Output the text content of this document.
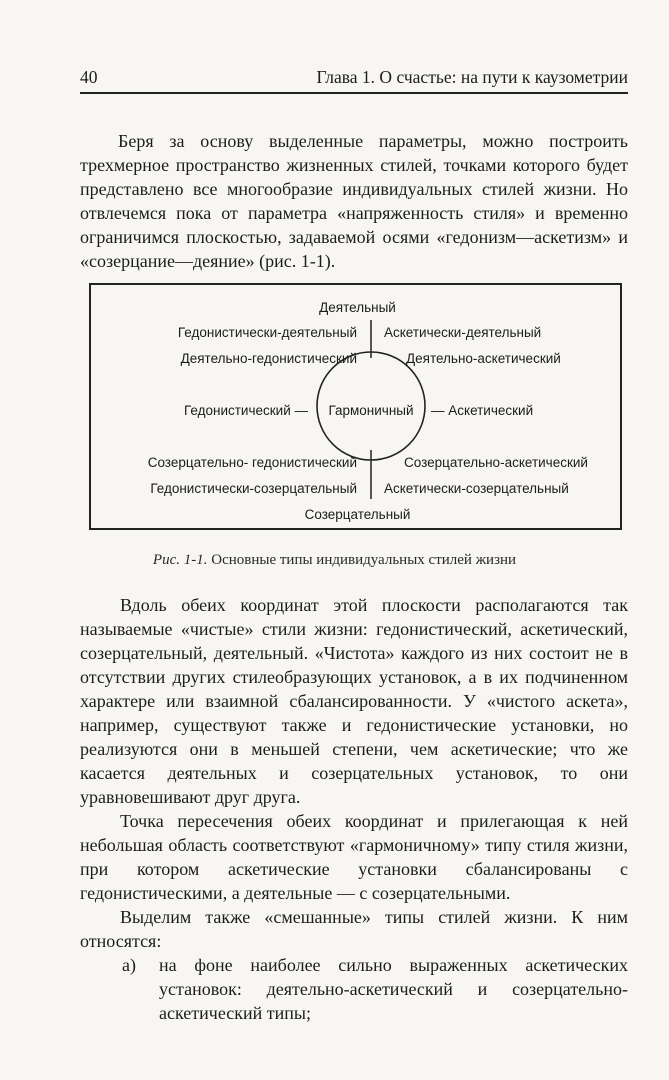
40	Глава 1. О счастье: на пути к каузометрии

Беря за основу выделенные параметры, можно построить трехмерное пространство жизненных стилей, точками которого будет представлено все многообразие индивидуальных стилей жизни. Но отвлечемся пока от параметра «напряженность стиля» и временно ограничимся плоскостью, задаваемой осями «гедонизм—аскетизм» и «созерцание—деяние» (рис. 1-1).

Деятельный
Гедонистически-деятельный Аскетически-деятельный
Деятельно-гедонистический	Деятельно-аскетический
Гедонистический —	Гармоничный	— Аскетический
Созерцательно- гедонистический	Созерцательно-аскетический
Гедонистически-созерцательный Аскетически-созерцательный
Созерцательный
Рис. 1-1. Основные типы индивидуальных стилей жизни

Вдоль обеих координат этой плоскости располагаются так называемые «чистые» стили жизни: гедонистический, аскетический, созерцательный, деятельный. «Чистота» каждого из них состоит не в отсутствии других стилеобразующих установок, а в их подчиненном характере или взаимной сбалансированности. У «чистого аскета», например, существуют также и гедонистические установки, но реализуются они в меньшей степени, чем аскетические; что же касается деятельных и созерцательных установок, то они уравновешивают друг друга.

Точка пересечения обеих координат и прилегающая к ней небольшая область соответствуют «гармоничному» типу стиля жизни, при котором аскетические установки сбалансированы с гедонистическими, а деятельные — с созерцательными.

Выделим также «смешанные» типы стилей жизни. К ним относятся:

а) на фоне наиболее сильно выраженных аскетических установок: деятельно-аскетический и созерцательно-аскетический типы;
